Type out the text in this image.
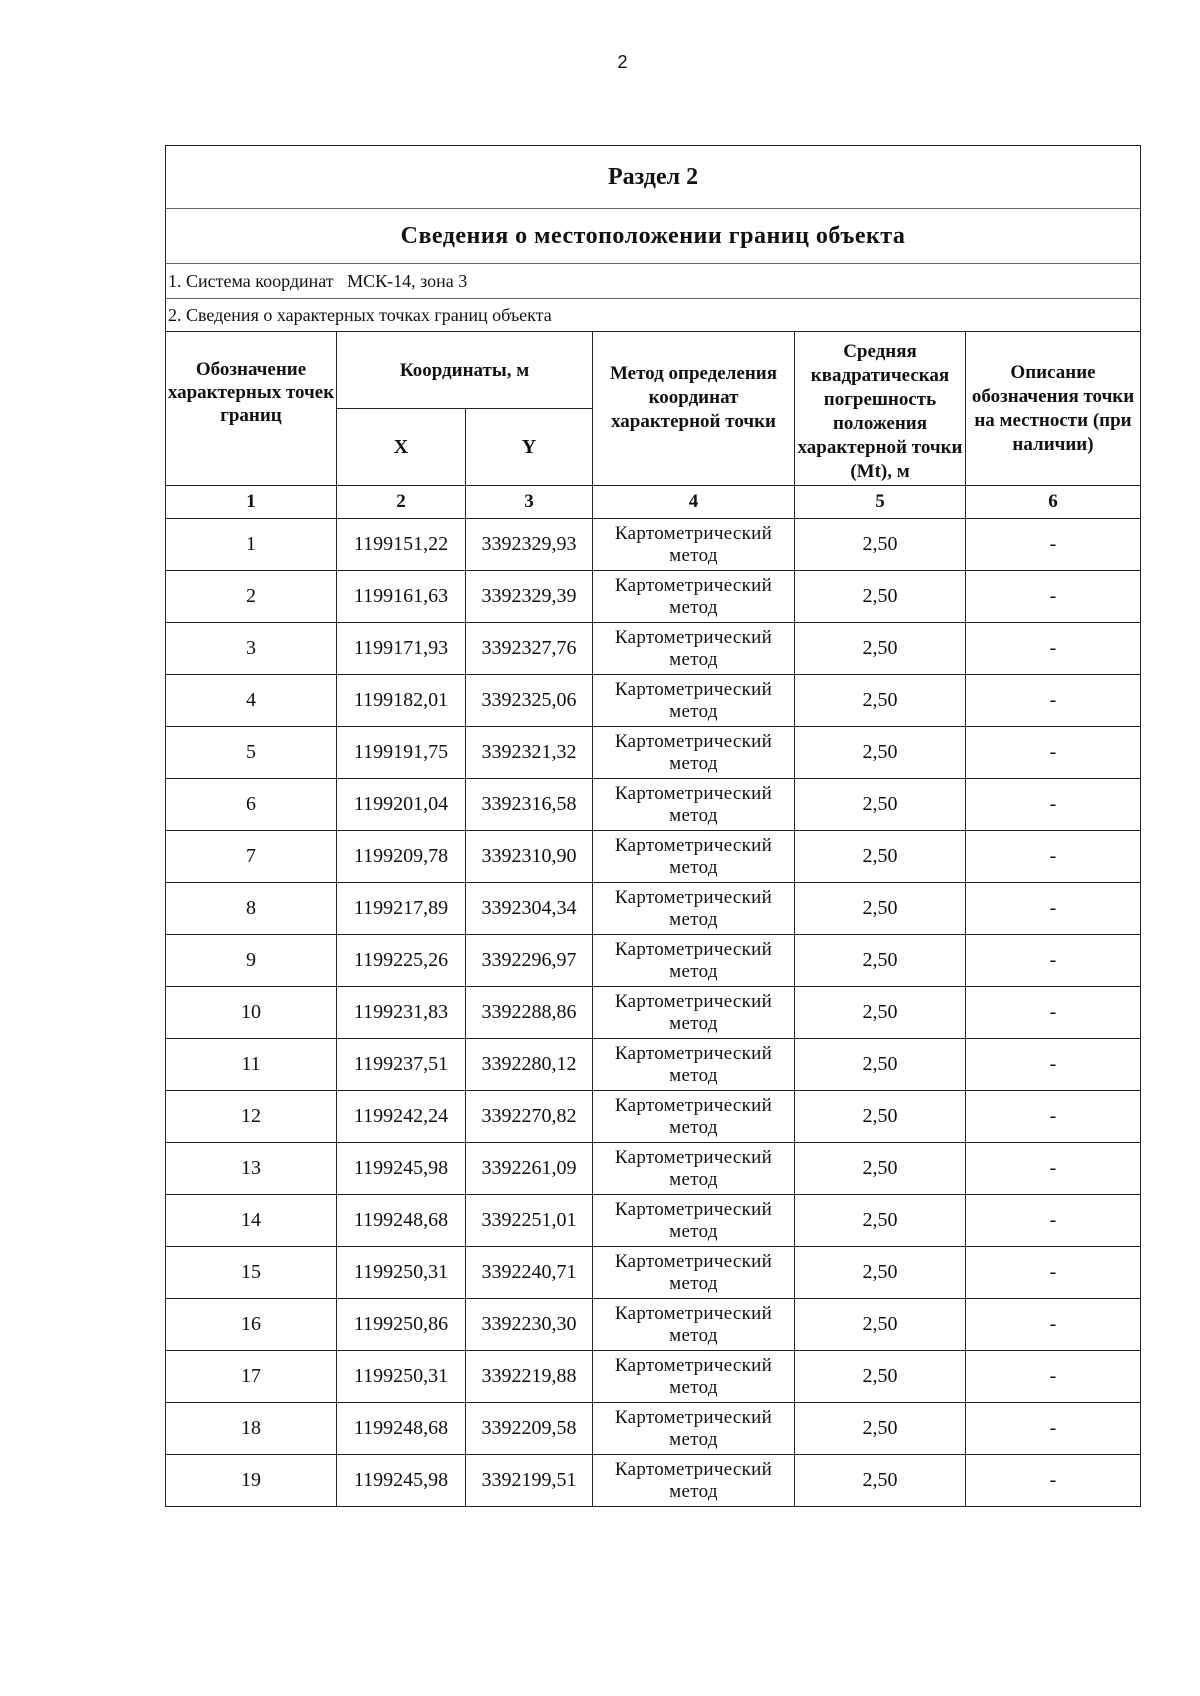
2
Раздел 2					
Сведения о местоположении границ объекта					
1. Система координат МСК-14, зона 3					
2. Сведения о характерных точках границ объекта					
Обозначение характерных точек границ	Координаты, м		Метод определения координат характерной точки	Средняя квадратическая погрешность положения характерной точки (Mt), м	Описание обозначения точки на местности (при наличии)
	X	Y			
1	2	3	4	5	6
1	1199151,22	3392329,93	Картометрический метод	2,50	-
2	1199161,63	3392329,39	Картометрический метод	2,50	-
3	1199171,93	3392327,76	Картометрический метод	2,50	-
4	1199182,01	3392325,06	Картометрический метод	2,50	-
5	1199191,75	3392321,32	Картометрический метод	2,50	-
6	1199201,04	3392316,58	Картометрический метод	2,50	-
7	1199209,78	3392310,90	Картометрический метод	2,50	-
8	1199217,89	3392304,34	Картометрический метод	2,50	-
9	1199225,26	3392296,97	Картометрический метод	2,50	-
10	1199231,83	3392288,86	Картометрический метод	2,50	-
11	1199237,51	3392280,12	Картометрический метод	2,50	-
12	1199242,24	3392270,82	Картометрический метод	2,50	-
13	1199245,98	3392261,09	Картометрический метод	2,50	-
14	1199248,68	3392251,01	Картометрический метод	2,50	-
15	1199250,31	3392240,71	Картометрический метод	2,50	-
16	1199250,86	3392230,30	Картометрический метод	2,50	-
17	1199250,31	3392219,88	Картометрический метод	2,50	-
18	1199248,68	3392209,58	Картометрический метод	2,50	-
19	1199245,98	3392199,51	Картометрический метод	2,50	-
